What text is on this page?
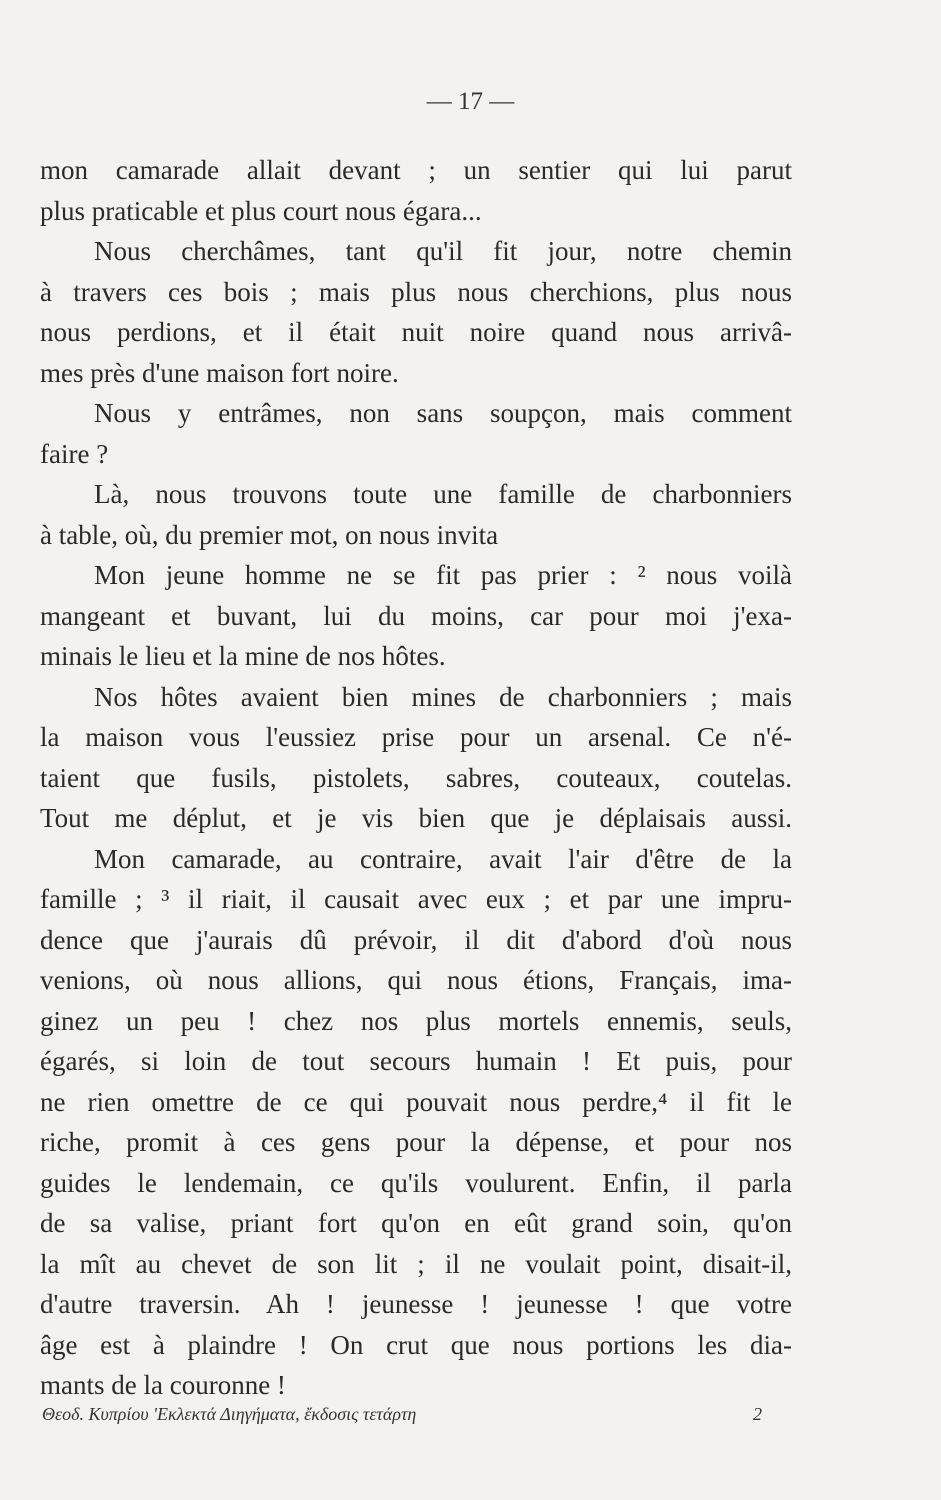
— 17 —
mon camarade allait devant ; un sentier qui lui parut
plus praticable et plus court nous égara...
Nous cherchâmes, tant qu'il fit jour, notre chemin
à travers ces bois ; mais plus nous cherchions, plus nous
nous perdions, et il était nuit noire quand nous arrivâ-
mes près d'une maison fort noire.
Nous y entrâmes, non sans soupçon, mais comment
faire ?
Là, nous trouvons toute une famille de charbonniers
à table, où, du premier mot, on nous invita
Mon jeune homme ne se fit pas prier : ² nous voilà
mangeant et buvant, lui du moins, car pour moi j'exa-
minais le lieu et la mine de nos hôtes.
Nos hôtes avaient bien mines de charbonniers ; mais
la maison vous l'eussiez prise pour un arsenal. Ce n'é-
taient que fusils, pistolets, sabres, couteaux, coutelas.
Tout me déplut, et je vis bien que je déplaisais aussi.
Mon camarade, au contraire, avait l'air d'être de la
famille ; ³ il riait, il causait avec eux ; et par une impru-
dence que j'aurais dû prévoir, il dit d'abord d'où nous
venions, où nous allions, qui nous étions, Français, ima-
ginez un peu ! chez nos plus mortels ennemis, seuls,
égarés, si loin de tout secours humain ! Et puis, pour
ne rien omettre de ce qui pouvait nous perdre,⁴ il fit le
riche, promit à ces gens pour la dépense, et pour nos
guides le lendemain, ce qu'ils voulurent. Enfin, il parla
de sa valise, priant fort qu'on en eût grand soin, qu'on
la mît au chevet de son lit ; il ne voulait point, disait-il,
d'autre traversin. Ah ! jeunesse ! jeunesse ! que votre
âge est à plaindre ! On crut que nous portions les dia-
mants de la couronne !
Θεοδ. Κυπρίου 'Εκλεκτά Διηγήματα, ἔκδοσις τετάρτη	2
